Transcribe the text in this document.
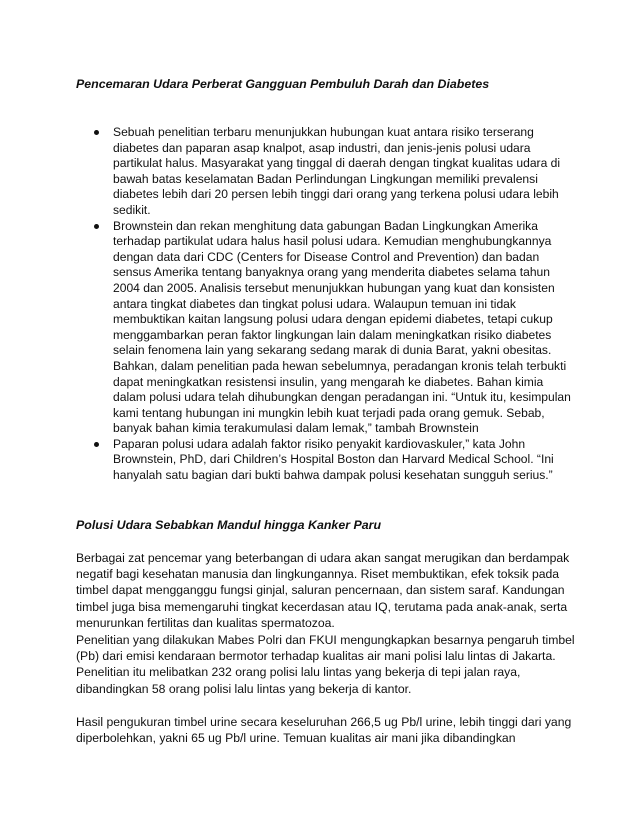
Pencemaran Udara Perberat Gangguan Pembuluh Darah dan Diabetes
Sebuah penelitian terbaru menunjukkan hubungan kuat antara risiko terserang diabetes dan paparan asap knalpot, asap industri, dan jenis-jenis polusi udara partikulat halus. Masyarakat yang tinggal di daerah dengan tingkat kualitas udara di bawah batas keselamatan Badan Perlindungan Lingkungan memiliki prevalensi diabetes lebih dari 20 persen lebih tinggi dari orang yang terkena polusi udara lebih sedikit.
Brownstein dan rekan menghitung data gabungan Badan Lingkungkan Amerika terhadap partikulat udara halus hasil polusi udara. Kemudian menghubungkannya dengan data dari CDC (Centers for Disease Control and Prevention) dan badan sensus Amerika tentang banyaknya orang yang menderita diabetes selama tahun 2004 dan 2005. Analisis tersebut menunjukkan hubungan yang kuat dan konsisten antara tingkat diabetes dan tingkat polusi udara. Walaupun temuan ini tidak membuktikan kaitan langsung polusi udara dengan epidemi diabetes, tetapi cukup menggambarkan peran faktor lingkungan lain dalam meningkatkan risiko diabetes selain fenomena lain yang sekarang sedang marak di dunia Barat, yakni obesitas. Bahkan, dalam penelitian pada hewan sebelumnya, peradangan kronis telah terbukti dapat meningkatkan resistensi insulin, yang mengarah ke diabetes. Bahan kimia dalam polusi udara telah dihubungkan dengan peradangan ini. “Untuk itu, kesimpulan kami tentang hubungan ini mungkin lebih kuat terjadi pada orang gemuk. Sebab, banyak bahan kimia terakumulasi dalam lemak,” tambah Brownstein
Paparan polusi udara adalah faktor risiko penyakit kardiovaskuler,” kata John Brownstein, PhD, dari Children’s Hospital Boston dan Harvard Medical School. “Ini hanyalah satu bagian dari bukti bahwa dampak polusi kesehatan sungguh serius.”
Polusi Udara Sebabkan Mandul hingga Kanker Paru

Berbagai zat pencemar yang beterbangan di udara akan sangat merugikan dan berdampak negatif bagi kesehatan manusia dan lingkungannya. Riset membuktikan, efek toksik pada timbel dapat mengganggu fungsi ginjal, saluran pencernaan, dan sistem saraf. Kandungan timbel juga bisa memengaruhi tingkat kecerdasan atau IQ, terutama pada anak-anak, serta menurunkan fertilitas dan kualitas spermatozoa.

Penelitian yang dilakukan Mabes Polri dan FKUI mengungkapkan besarnya pengaruh timbel (Pb) dari emisi kendaraan bermotor terhadap kualitas air mani polisi lalu lintas di Jakarta. Penelitian itu melibatkan 232 orang polisi lalu lintas yang bekerja di tepi jalan raya, dibandingkan 58 orang polisi lalu lintas yang bekerja di kantor.

Hasil pengukuran timbel urine secara keseluruhan 266,5 ug Pb/l urine, lebih tinggi dari yang diperbolehkan, yakni 65 ug Pb/l urine. Temuan kualitas air mani jika dibandingkan
